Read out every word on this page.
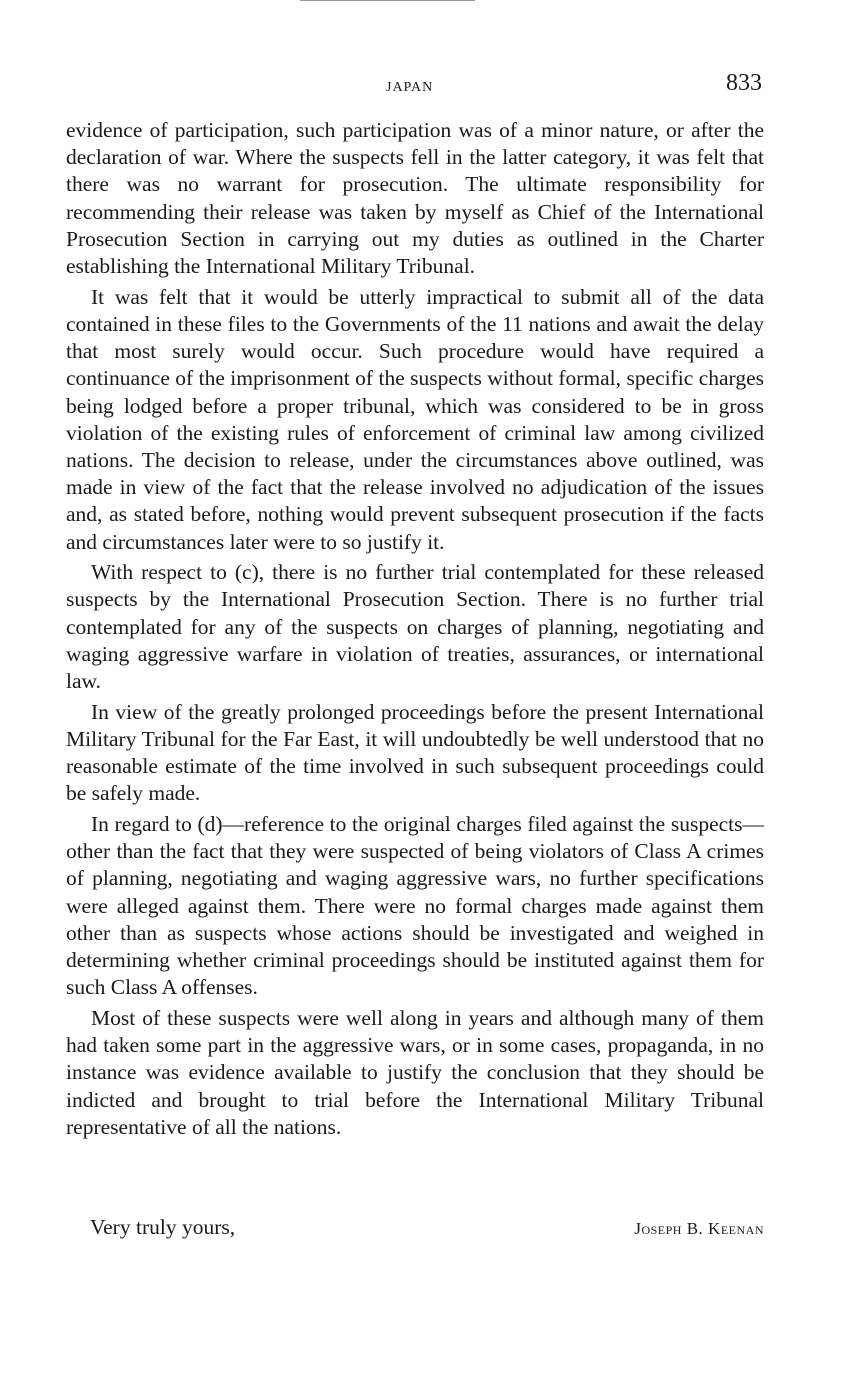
JAPAN	833

evidence of participation, such participation was of a minor nature, or after the declaration of war. Where the suspects fell in the latter category, it was felt that there was no warrant for prosecution. The ultimate responsibility for recommending their release was taken by myself as Chief of the International Prosecution Section in carrying out my duties as outlined in the Charter establishing the International Military Tribunal.

It was felt that it would be utterly impractical to submit all of the data contained in these files to the Governments of the 11 nations and await the delay that most surely would occur. Such procedure would have required a continuance of the imprisonment of the suspects without formal, specific charges being lodged before a proper tribunal, which was considered to be in gross violation of the existing rules of enforcement of criminal law among civilized nations. The decision to release, under the circumstances above outlined, was made in view of the fact that the release involved no adjudication of the issues and, as stated before, nothing would prevent subsequent prosecution if the facts and circumstances later were to so justify it.

With respect to (c), there is no further trial contemplated for these released suspects by the International Prosecution Section. There is no further trial contemplated for any of the suspects on charges of planning, negotiating and waging aggressive warfare in violation of treaties, assurances, or international law.

In view of the greatly prolonged proceedings before the present International Military Tribunal for the Far East, it will undoubtedly be well understood that no reasonable estimate of the time involved in such subsequent proceedings could be safely made.

In regard to (d)—reference to the original charges filed against the suspects—other than the fact that they were suspected of being violators of Class A crimes of planning, negotiating and waging aggressive wars, no further specifications were alleged against them. There were no formal charges made against them other than as suspects whose actions should be investigated and weighed in determining whether criminal proceedings should be instituted against them for such Class A offenses.

Most of these suspects were well along in years and although many of them had taken some part in the aggressive wars, or in some cases, propaganda, in no instance was evidence available to justify the conclusion that they should be indicted and brought to trial before the International Military Tribunal representative of all the nations.

Very truly yours,	Joseph B. Keenan
